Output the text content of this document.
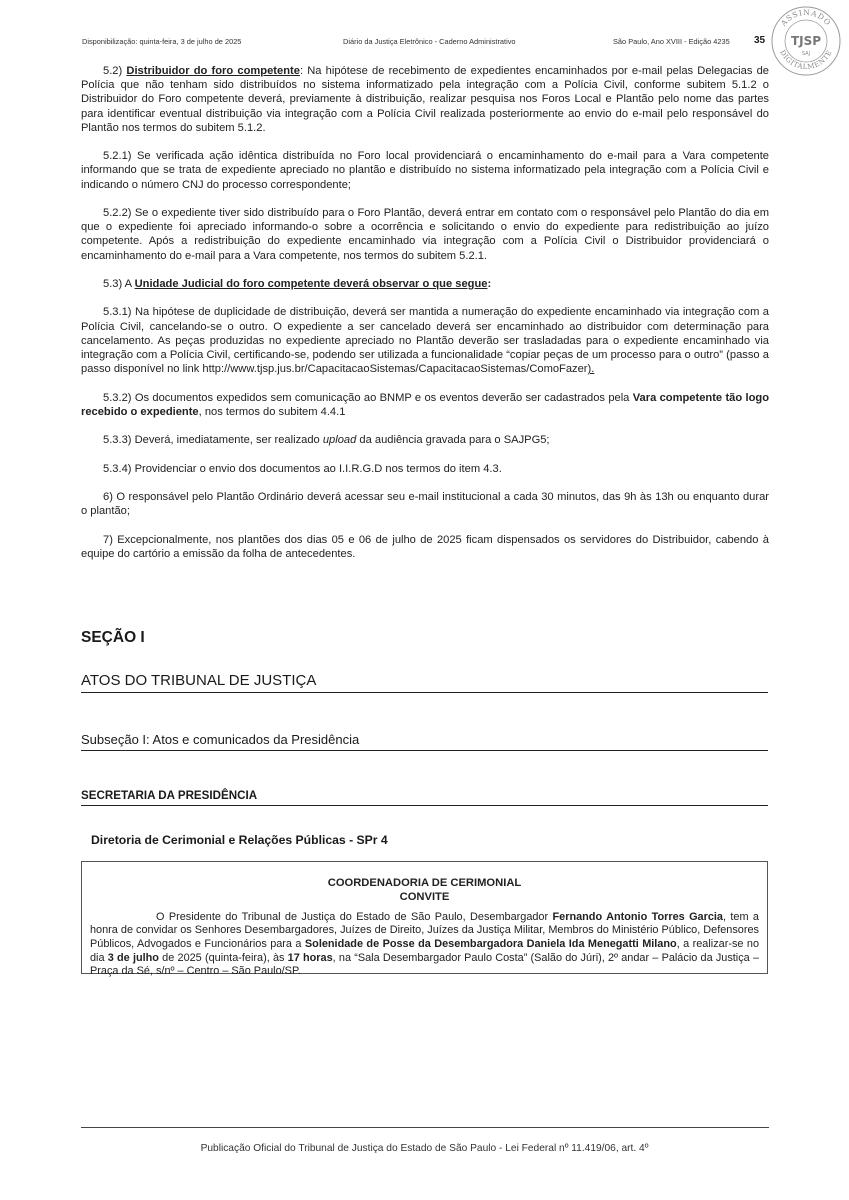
Disponibilização: quinta-feira, 3 de julho de 2025	Diário da Justiça Eletrônico - Caderno Administrativo	São Paulo, Ano XVIII - Edição 4235 35
ASSINADO
DIGITALMENTE
TJSP
SAJ

5.2) Distribuidor do foro competente: Na hipótese de recebimento de expedientes encaminhados por e-mail pelas Delegacias de Polícia que não tenham sido distribuídos no sistema informatizado pela integração com a Polícia Civil, conforme subitem 5.1.2 o Distribuidor do Foro competente deverá, previamente à distribuição, realizar pesquisa nos Foros Local e Plantão pelo nome das partes para identificar eventual distribuição via integração com a Polícia Civil realizada posteriormente ao envio do e-mail pelo responsável do Plantão nos termos do subitem 5.1.2.

5.2.1) Se verificada ação idêntica distribuída no Foro local providenciará o encaminhamento do e-mail para a Vara competente informando que se trata de expediente apreciado no plantão e distribuído no sistema informatizado pela integração com a Polícia Civil e indicando o número CNJ do processo correspondente;

5.2.2) Se o expediente tiver sido distribuído para o Foro Plantão, deverá entrar em contato com o responsável pelo Plantão do dia em que o expediente foi apreciado informando-o sobre a ocorrência e solicitando o envio do expediente para redistribuição ao juízo competente. Após a redistribuição do expediente encaminhado via integração com a Polícia Civil o Distribuidor providenciará o encaminhamento do e-mail para a Vara competente, nos termos do subitem 5.2.1.

5.3) A Unidade Judicial do foro competente deverá observar o que segue:

5.3.1) Na hipótese de duplicidade de distribuição, deverá ser mantida a numeração do expediente encaminhado via integração com a Polícia Civil, cancelando-se o outro. O expediente a ser cancelado deverá ser encaminhado ao distribuidor com determinação para cancelamento. As peças produzidas no expediente apreciado no Plantão deverão ser trasladadas para o expediente encaminhado via integração com a Polícia Civil, certificando-se, podendo ser utilizada a funcionalidade “copiar peças de um processo para o outro” (passo a passo disponível no link http://www.tjsp.jus.br/CapacitacaoSistemas/CapacitacaoSistemas/ComoFazer).

5.3.2) Os documentos expedidos sem comunicação ao BNMP e os eventos deverão ser cadastrados pela Vara competente tão logo recebido o expediente, nos termos do subitem 4.4.1

5.3.3) Deverá, imediatamente, ser realizado upload da audiência gravada para o SAJPG5;

5.3.4) Providenciar o envio dos documentos ao I.I.R.G.D nos termos do item 4.3.

6) O responsável pelo Plantão Ordinário deverá acessar seu e-mail institucional a cada 30 minutos, das 9h às 13h ou enquanto durar o plantão;

7) Excepcionalmente, nos plantões dos dias 05 e 06 de julho de 2025 ficam dispensados os servidores do Distribuidor, cabendo à equipe do cartório a emissão da folha de antecedentes.

SEÇÃO I
ATOS DO TRIBUNAL DE JUSTIÇA
Subseção I: Atos e comunicados da Presidência
SECRETARIA DA PRESIDÊNCIA
Diretoria de Cerimonial e Relações Públicas - SPr 4
COORDENADORIA DE CERIMONIAL
CONVITE

O Presidente do Tribunal de Justiça do Estado de São Paulo, Desembargador Fernando Antonio Torres Garcia, tem a honra de convidar os Senhores Desembargadores, Juízes de Direito, Juízes da Justiça Militar, Membros do Ministério Público, Defensores Públicos, Advogados e Funcionários para a Solenidade de Posse da Desembargadora Daniela Ida Menegatti Milano, a realizar-se no dia 3 de julho de 2025 (quinta-feira), às 17 horas, na “Sala Desembargador Paulo Costa” (Salão do Júri), 2º andar – Palácio da Justiça – Praça da Sé, s/nº – Centro – São Paulo/SP.

Publicação Oficial do Tribunal de Justiça do Estado de São Paulo - Lei Federal nº 11.419/06, art. 4º
